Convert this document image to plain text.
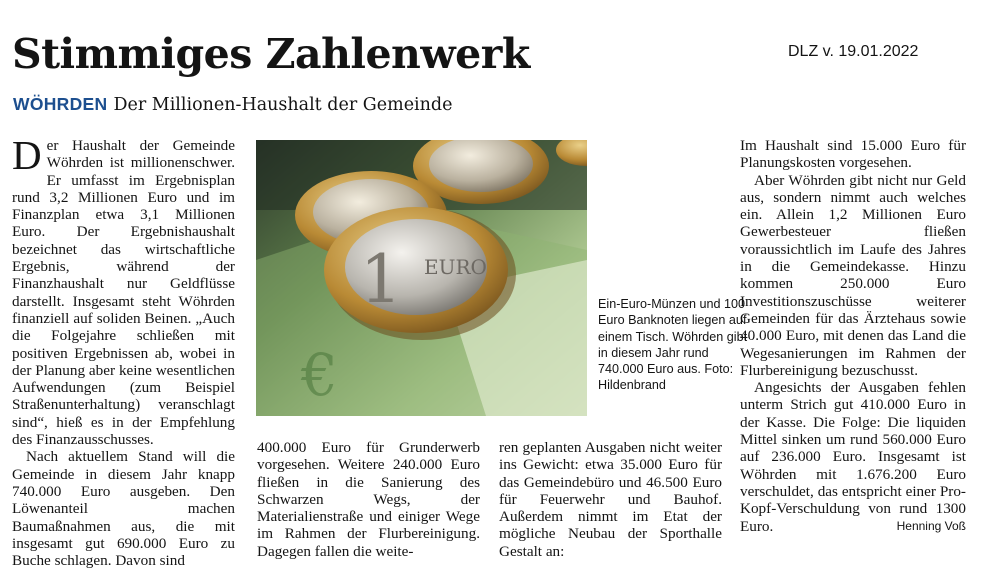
Stimmiges Zahlenwerk	DLZ v. 19.01.2022
WÖHRDEN Der Millionen-Haushalt der Gemeinde

Der Haushalt der Gemeinde Wöhrden ist millionenschwer. Er umfasst im Ergebnisplan rund 3,2 Millionen Euro und im Finanzplan etwa 3,1 Millionen Euro. Der Ergebnishaushalt bezeichnet das wirtschaftliche Ergebnis, während der Finanzhaushalt nur Geldflüsse darstellt. Insgesamt steht Wöhrden finanziell auf soliden Beinen. „Auch die Folgejahre schließen mit positiven Ergebnissen ab, wobei in der Planung aber keine wesentlichen Aufwendungen (zum Beispiel Straßenunterhaltung) veranschlagt sind“, hieß es in der Empfehlung des Finanzausschusses.

Nach aktuellem Stand will die Gemeinde in diesem Jahr knapp 740.000 Euro ausgeben. Den Löwenanteil machen Baumaßnahmen aus, die mit insgesamt gut 690.000 Euro zu Buche schlagen. Davon sind

€
1 EURO
Ein-Euro-Münzen und 100 Euro Banknoten liegen auf einem Tisch. Wöhrden gibt in diesem Jahr rund 740.000 Euro aus. Foto: Hildenbrand

400.000 Euro für Grunderwerb vorgesehen. Weitere 240.000 Euro fließen in die Sanierung des Schwarzen Wegs, der Materialienstraße und einiger Wege im Rahmen der Flurbereinigung. Dagegen fallen die weite-

ren geplanten Ausgaben nicht weiter ins Gewicht: etwa 35.000 Euro für das Gemeindebüro und 46.500 Euro für Feuerwehr und Bauhof. Außerdem nimmt im Etat der mögliche Neubau der Sporthalle Gestalt an:

Im Haushalt sind 15.000 Euro für Planungskosten vorgesehen.

Aber Wöhrden gibt nicht nur Geld aus, sondern nimmt auch welches ein. Allein 1,2 Millionen Euro Gewerbesteuer fließen voraussichtlich im Laufe des Jahres in die Gemeindekasse. Hinzu kommen 250.000 Euro Investitionszuschüsse weiterer Gemeinden für das Ärztehaus sowie 40.000 Euro, mit denen das Land die Wegesanierungen im Rahmen der Flurbereinigung bezuschusst.

Angesichts der Ausgaben fehlen unterm Strich gut 410.000 Euro in der Kasse. Die Folge: Die liquiden Mittel sinken um rund 560.000 Euro auf 236.000 Euro. Insgesamt ist Wöhrden mit 1.676.200 Euro verschuldet, das entspricht einer Pro-Kopf-Verschuldung von rund 1300 Euro.	Henning Voß
